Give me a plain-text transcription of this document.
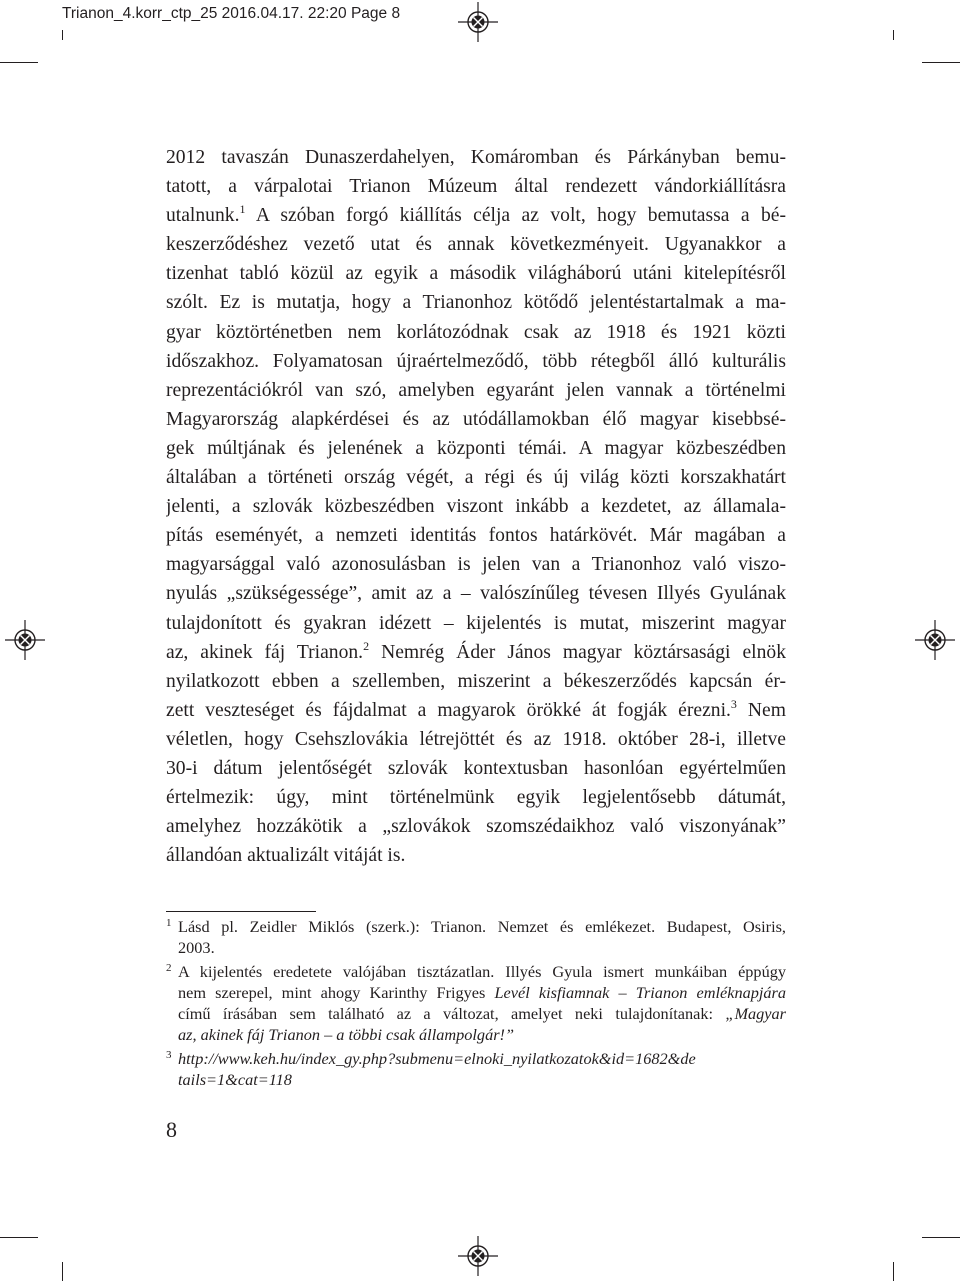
Trianon_4.korr_ctp_25 2016.04.17. 22:20 Page 8
2012 tavaszán Dunaszerdahelyen, Komáromban és Párkányban bemu-
tatott, a várpalotai Trianon Múzeum által rendezett vándorkiállításra
utalnunk.$^1$ A szóban forgó kiállítás célja az volt, hogy bemutassa a bé-
keszerződéshez vezető utat és annak következményeit. Ugyanakkor a
tizenhat tabló közül az egyik a második világháború utáni kitelepítésről
szólt. Ez is mutatja, hogy a Trianonhoz kötődő jelentéstartalmak a ma-
gyar köztörténetben nem korlátozódnak csak az 1918 és 1921 közti
időszakhoz. Folyamatosan újraértelmeződő, több rétegből álló kulturális
reprezentációkról van szó, amelyben egyaránt jelen vannak a történelmi
Magyarország alapkérdései és az utódállamokban élő magyar kisebbsé-
gek múltjának és jelenének a központi témái. A magyar közbeszédben
általában a történeti ország végét, a régi és új világ közti korszakhatárt
jelenti, a szlovák közbeszédben viszont inkább a kezdetet, az államala-
pítás eseményét, a nemzeti identitás fontos határkövét. Már magában a
magyarsággal való azonosulásban is jelen van a Trianonhoz való viszo-
nyulás „szükségessége”, amit az a – valószínűleg tévesen Illyés Gyulának
tulajdonított és gyakran idézett – kijelentés is mutat, miszerint magyar
az, akinek fáj Trianon.$^2$ Nemrég Áder János magyar köztársasági elnök
nyilatkozott ebben a szellemben, miszerint a békeszerződés kapcsán ér-
zett veszteséget és fájdalmat a magyarok örökké át fogják érezni.$^3$ Nem
véletlen, hogy Csehszlovákia létrejöttét és az 1918. október 28-i, illetve
30-i dátum jelentőségét szlovák kontextusban hasonlóan egyértelműen
értelmezik: úgy, mint történelmünk egyik legjelentősebb dátumát,
amelyhez hozzákötik a „szlovákok szomszédaikhoz való viszonyának”
állandóan aktualizált vitáját is.
1 Lásd pl. Zeidler Miklós (szerk.): Trianon. Nemzet és emlékezet. Budapest, Osiris,
2003.
2 A kijelentés eredetete valójában tisztázatlan. Illyés Gyula ismert munkáiban éppúgy
nem szerepel, mint ahogy Karinthy Frigyes Levél kisfiamnak – Trianon emléknapjára
című írásában sem található az a változat, amelyet neki tulajdonítanak: „Magyar
az, akinek fáj Trianon – a többi csak állampolgár!”
3 http://www.keh.hu/index_gy.php?submenu=elnoki_nyilatkozatok&id=1682&de
tails=1&cat=118
8
